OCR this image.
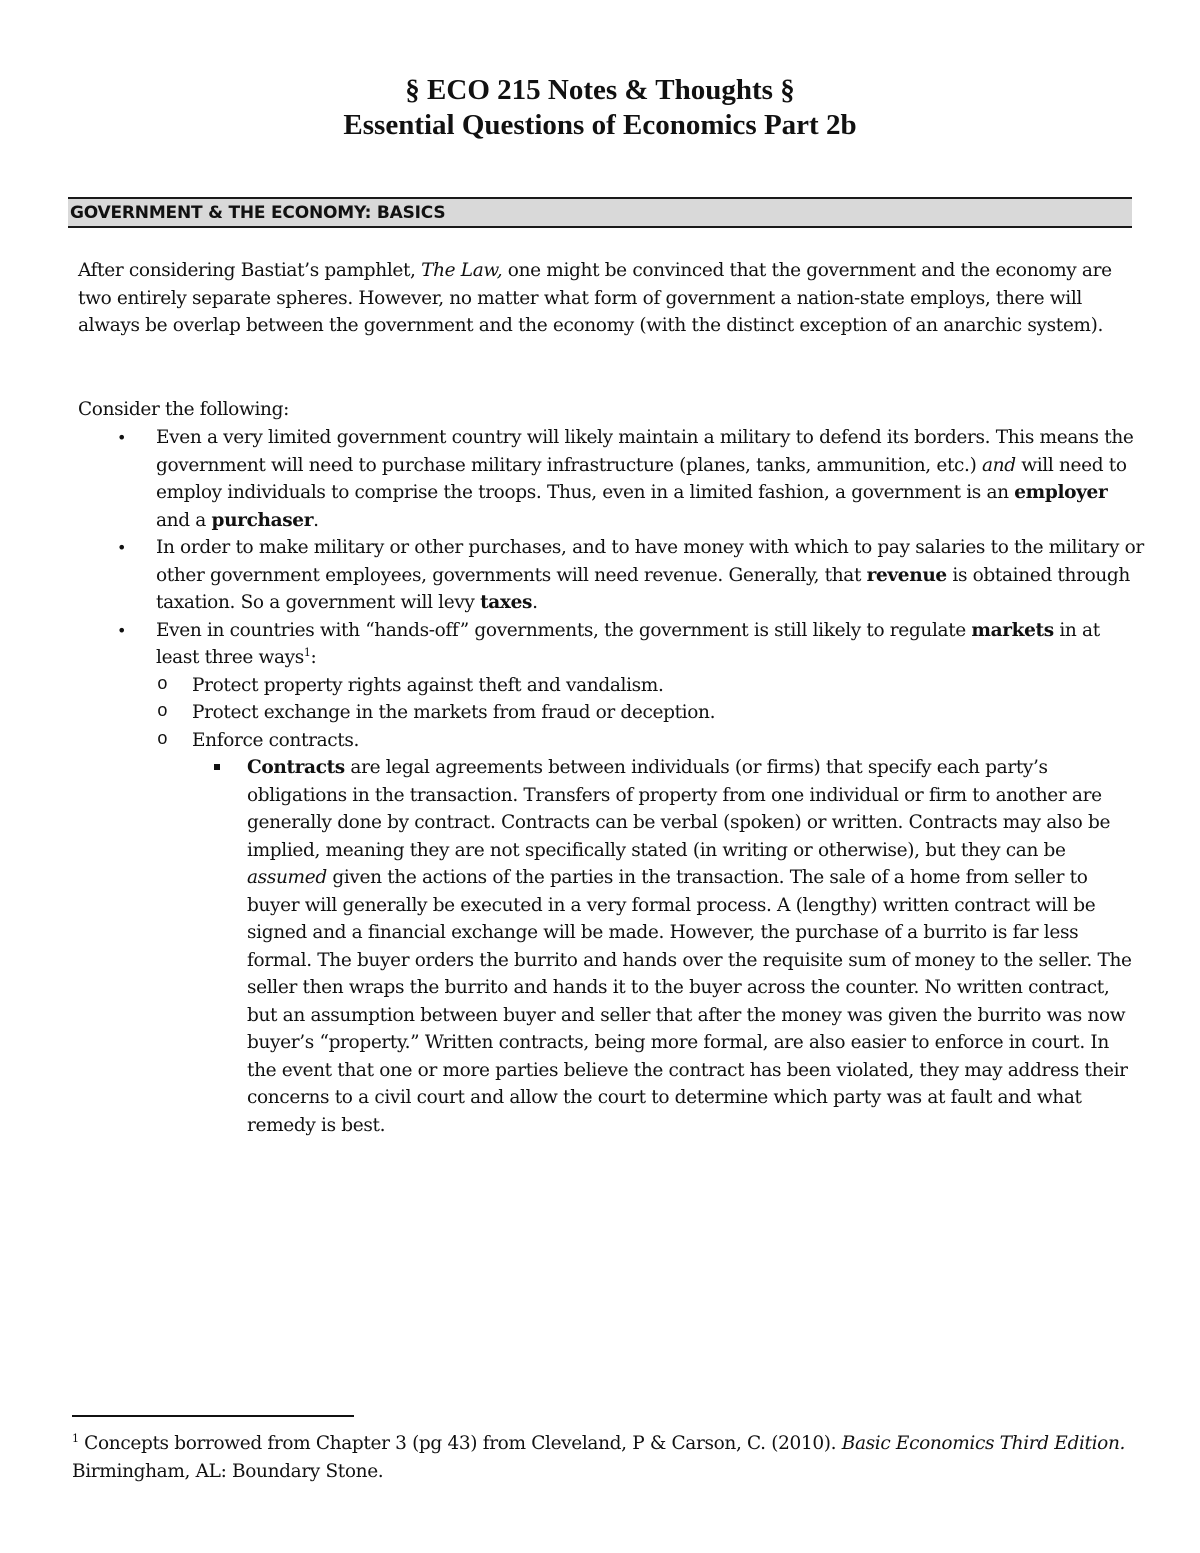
§ ECO 215 Notes & Thoughts §
Essential Questions of Economics Part 2b
GOVERNMENT & THE ECONOMY: BASICS

After considering Bastiat’s pamphlet, The Law, one might be convinced that the government and the economy are two entirely separate spheres. However, no matter what form of government a nation-state employs, there will always be overlap between the government and the economy (with the distinct exception of an anarchic system).

Consider the following:

• Even a very limited government country will likely maintain a military to defend its borders. This means the government will need to purchase military infrastructure (planes, tanks, ammunition, etc.) and will need to employ individuals to comprise the troops. Thus, even in a limited fashion, a government is an employer and a purchaser.
• In order to make military or other purchases, and to have money with which to pay salaries to the military or other government employees, governments will need revenue. Generally, that revenue is obtained through taxation. So a government will levy taxes.
• Even in countries with “hands-off” governments, the government is still likely to regulate markets in at least three ways$^1$:
o Protect property rights against theft and vandalism.
o Protect exchange in the markets from fraud or deception.
o Enforce contracts.
Contracts are legal agreements between individuals (or firms) that specify each party’s obligations in the transaction. Transfers of property from one individual or firm to another are generally done by contract. Contracts can be verbal (spoken) or written. Contracts may also be implied, meaning they are not specifically stated (in writing or otherwise), but they can be assumed given the actions of the parties in the transaction. The sale of a home from seller to buyer will generally be executed in a very formal process. A (lengthy) written contract will be signed and a financial exchange will be made. However, the purchase of a burrito is far less formal. The buyer orders the burrito and hands over the requisite sum of money to the seller. The seller then wraps the burrito and hands it to the buyer across the counter. No written contract, but an assumption between buyer and seller that after the money was given the burrito was now buyer’s “property.” Written contracts, being more formal, are also easier to enforce in court. In the event that one or more parties believe the contract has been violated, they may address their concerns to a civil court and allow the court to determine which party was at fault and what remedy is best.

$^1$ Concepts borrowed from Chapter 3 (pg 43) from Cleveland, P & Carson, C. (2010). Basic Economics Third Edition. Birmingham, AL: Boundary Stone.
